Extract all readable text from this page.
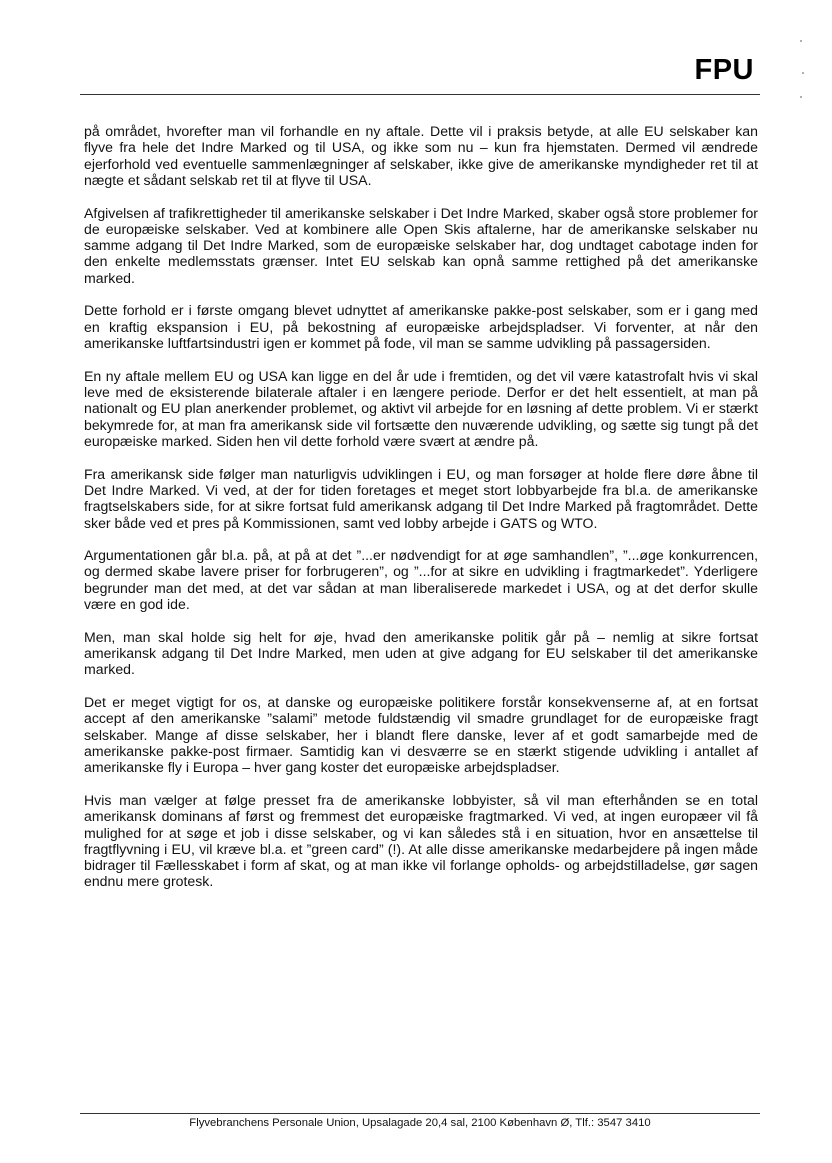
FPU

på området, hvorefter man vil forhandle en ny aftale. Dette vil i praksis betyde, at alle EU selskaber kan flyve fra hele det Indre Marked og til USA, og ikke som nu – kun fra hjemstaten. Dermed vil ændrede ejerforhold ved eventuelle sammenlægninger af selskaber, ikke give de amerikanske myndigheder ret til at nægte et sådant selskab ret til at flyve til USA.

Afgivelsen af trafikrettigheder til amerikanske selskaber i Det Indre Marked, skaber også store problemer for de europæiske selskaber. Ved at kombinere alle Open Skis aftalerne, har de amerikanske selskaber nu samme adgang til Det Indre Marked, som de europæiske selskaber har, dog undtaget cabotage inden for den enkelte medlemsstats grænser. Intet EU selskab kan opnå samme rettighed på det amerikanske marked.

Dette forhold er i første omgang blevet udnyttet af amerikanske pakke-post selskaber, som er i gang med en kraftig ekspansion i EU, på bekostning af europæiske arbejdspladser. Vi forventer, at når den amerikanske luftfartsindustri igen er kommet på fode, vil man se samme udvikling på passagersiden.

En ny aftale mellem EU og USA kan ligge en del år ude i fremtiden, og det vil være katastrofalt hvis vi skal leve med de eksisterende bilaterale aftaler i en længere periode. Derfor er det helt essentielt, at man på nationalt og EU plan anerkender problemet, og aktivt vil arbejde for en løsning af dette problem. Vi er stærkt bekymrede for, at man fra amerikansk side vil fortsætte den nuværende udvikling, og sætte sig tungt på det europæiske marked. Siden hen vil dette forhold være svært at ændre på.

Fra amerikansk side følger man naturligvis udviklingen i EU, og man forsøger at holde flere døre åbne til Det Indre Marked. Vi ved, at der for tiden foretages et meget stort lobbyarbejde fra bl.a. de amerikanske fragtselskabers side, for at sikre fortsat fuld amerikansk adgang til Det Indre Marked på fragtområdet. Dette sker både ved et pres på Kommissionen, samt ved lobby arbejde i GATS og WTO.

Argumentationen går bl.a. på, at på at det ”...er nødvendigt for at øge samhandlen”, ”...øge konkurrencen, og dermed skabe lavere priser for forbrugeren”, og ”...for at sikre en udvikling i fragtmarkedet”. Yderligere begrunder man det med, at det var sådan at man liberaliserede markedet i USA, og at det derfor skulle være en god ide.

Men, man skal holde sig helt for øje, hvad den amerikanske politik går på – nemlig at sikre fortsat amerikansk adgang til Det Indre Marked, men uden at give adgang for EU selskaber til det amerikanske marked.

Det er meget vigtigt for os, at danske og europæiske politikere forstår konsekvenserne af, at en fortsat accept af den amerikanske ”salami” metode fuldstændig vil smadre grundlaget for de europæiske fragt selskaber. Mange af disse selskaber, her i blandt flere danske, lever af et godt samarbejde med de amerikanske pakke-post firmaer. Samtidig kan vi desværre se en stærkt stigende udvikling i antallet af amerikanske fly i Europa – hver gang koster det europæiske arbejdspladser.

Hvis man vælger at følge presset fra de amerikanske lobbyister, så vil man efterhånden se en total amerikansk dominans af først og fremmest det europæiske fragtmarked. Vi ved, at ingen europæer vil få mulighed for at søge et job i disse selskaber, og vi kan således stå i en situation, hvor en ansættelse til fragtflyvning i EU, vil kræve bl.a. et ”green card” (!). At alle disse amerikanske medarbejdere på ingen måde bidrager til Fællesskabet i form af skat, og at man ikke vil forlange opholds- og arbejdstilladelse, gør sagen endnu mere grotesk.

Flyvebranchens Personale Union, Upsalagade 20,4 sal, 2100 København Ø, Tlf.: 3547 3410
